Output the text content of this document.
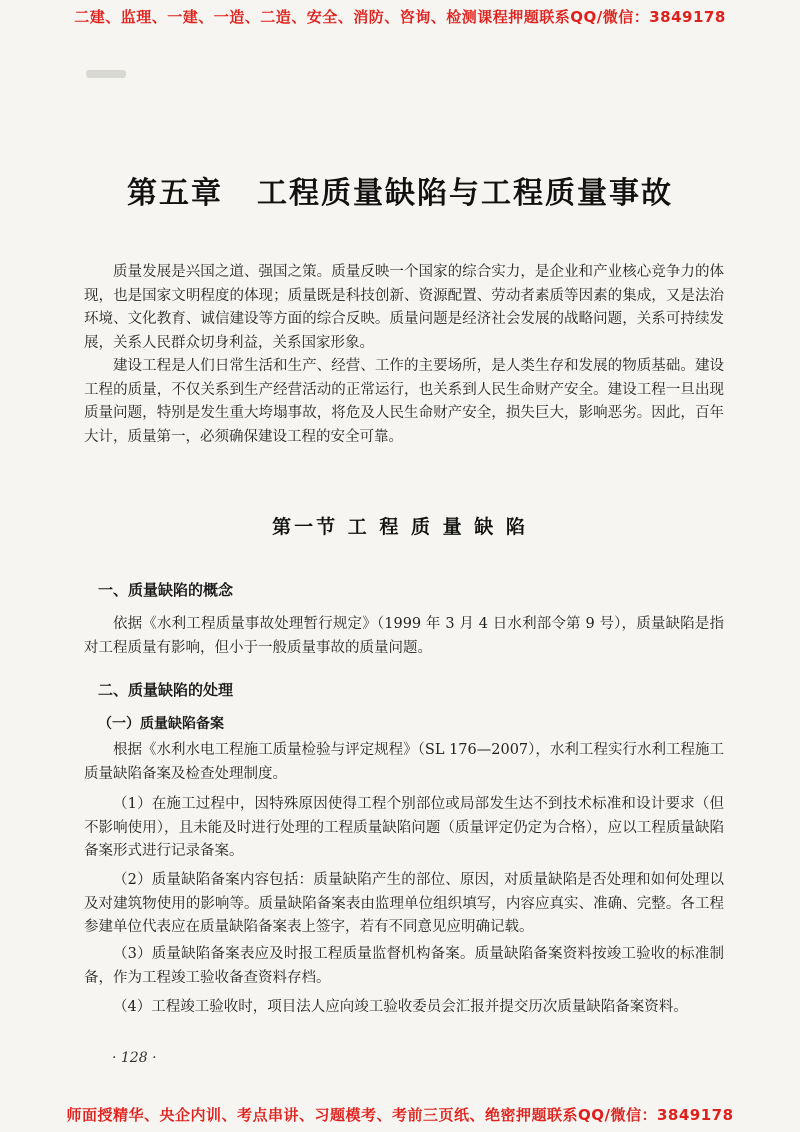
二建、监理、一建、一造、二造、安全、消防、咨询、检测课程押题联系QQ/微信：3849178
第五章 工程质量缺陷与工程质量事故

质量发展是兴国之道、强国之策。质量反映一个国家的综合实力，是企业和产业核心竞争力的体现，也是国家文明程度的体现；质量既是科技创新、资源配置、劳动者素质等因素的集成，又是法治环境、文化教育、诚信建设等方面的综合反映。质量问题是经济社会发展的战略问题，关系可持续发展，关系人民群众切身利益，关系国家形象。

建设工程是人们日常生活和生产、经营、工作的主要场所，是人类生存和发展的物质基础。建设工程的质量，不仅关系到生产经营活动的正常运行，也关系到人民生命财产安全。建设工程一旦出现质量问题，特别是发生重大垮塌事故，将危及人民生命财产安全，损失巨大，影响恶劣。因此，百年大计，质量第一，必须确保建设工程的安全可靠。

第一节 工 程 质 量 缺 陷
一、质量缺陷的概念

依据《水利工程质量事故处理暂行规定》（1999 年 3 月 4 日水利部令第 9 号），质量缺陷是指对工程质量有影响，但小于一般质量事故的质量问题。

二、质量缺陷的处理
（一）质量缺陷备案

根据《水利水电工程施工质量检验与评定规程》（SL 176—2007），水利工程实行水利工程施工质量缺陷备案及检查处理制度。

（1）在施工过程中，因特殊原因使得工程个别部位或局部发生达不到技术标准和设计要求（但不影响使用），且未能及时进行处理的工程质量缺陷问题（质量评定仍定为合格），应以工程质量缺陷备案形式进行记录备案。

（2）质量缺陷备案内容包括：质量缺陷产生的部位、原因，对质量缺陷是否处理和如何处理以及对建筑物使用的影响等。质量缺陷备案表由监理单位组织填写，内容应真实、准确、完整。各工程参建单位代表应在质量缺陷备案表上签字，若有不同意见应明确记载。

（3）质量缺陷备案表应及时报工程质量监督机构备案。质量缺陷备案资料按竣工验收的标准制备，作为工程竣工验收备查资料存档。

（4）工程竣工验收时，项目法人应向竣工验收委员会汇报并提交历次质量缺陷备案资料。

· 128 ·
师面授精华、央企内训、考点串讲、习题模考、考前三页纸、绝密押题联系QQ/微信：3849178
